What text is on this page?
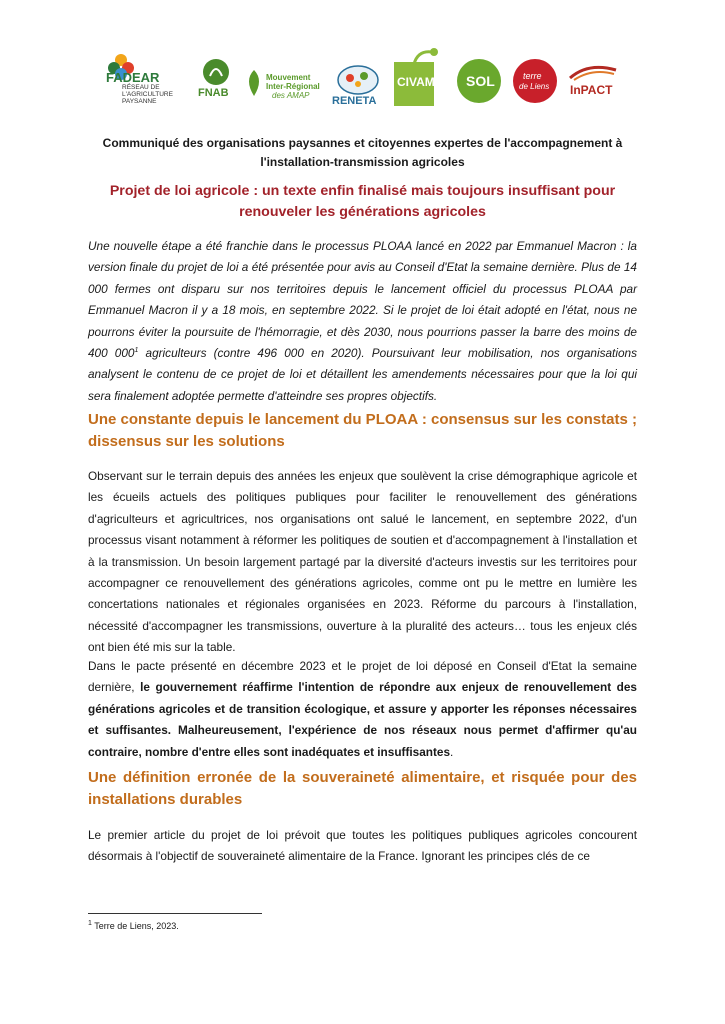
FADEAR
RÉSEAU DE
L'AGRICULTURE
PAYSANNE
FNAB
Mouvement
Inter-Régional
des AMAP RENETA
CIVAM SOL	terre
de Liens InPACT
Communiqué des organisations paysannes et citoyennes expertes de l'accompagnement à
l'installation-transmission agricoles
Projet de loi agricole : un texte enfin finalisé mais toujours insuffisant pour
renouveler les générations agricoles
Une nouvelle étape a été franchie dans le processus PLOAA lancé en 2022 par Emmanuel Macron : la version finale du projet de loi a été présentée pour avis au Conseil d'Etat la semaine dernière. Plus de 14 000 fermes ont disparu sur nos territoires depuis le lancement officiel du processus PLOAA par Emmanuel Macron il y a 18 mois, en septembre 2022. Si le projet de loi était adopté en l'état, nous ne pourrons éviter la poursuite de l'hémorragie, et dès 2030, nous pourrions passer la barre des moins de 400 $000^1$ agriculteurs (contre 496 000 en 2020). Poursuivant leur mobilisation, nos organisations analysent le contenu de ce projet de loi et détaillent les amendements nécessaires pour que la loi qui sera finalement adoptée permette d'atteindre ses propres objectifs.
Une constante depuis le lancement du PLOAA : consensus sur les constats ; dissensus sur les solutions
Observant sur le terrain depuis des années les enjeux que soulèvent la crise démographique agricole et les écueils actuels des politiques publiques pour faciliter le renouvellement des générations d'agriculteurs et agricultrices, nos organisations ont salué le lancement, en septembre 2022, d'un processus visant notamment à réformer les politiques de soutien et d'accompagnement à l'installation et à la transmission. Un besoin largement partagé par la diversité d'acteurs investis sur les territoires pour accompagner ce renouvellement des générations agricoles, comme ont pu le mettre en lumière les concertations nationales et régionales organisées en 2023. Réforme du parcours à l'installation, nécessité d'accompagner les transmissions, ouverture à la pluralité des acteurs… tous les enjeux clés ont bien été mis sur la table.
Dans le pacte présenté en décembre 2023 et le projet de loi déposé en Conseil d'Etat la semaine dernière, le gouvernement réaffirme l'intention de répondre aux enjeux de renouvellement des générations agricoles et de transition écologique, et assure y apporter les réponses nécessaires et suffisantes. Malheureusement, l'expérience de nos réseaux nous permet d'affirmer qu'au contraire, nombre d'entre elles sont inadéquates et insuffisantes.
Une définition erronée de la souveraineté alimentaire, et risquée pour des installations durables
Le premier article du projet de loi prévoit que toutes les politiques publiques agricoles concourent désormais à l'objectif de souveraineté alimentaire de la France. Ignorant les principes clés de ce
$^1$ Terre de Liens, 2023.
